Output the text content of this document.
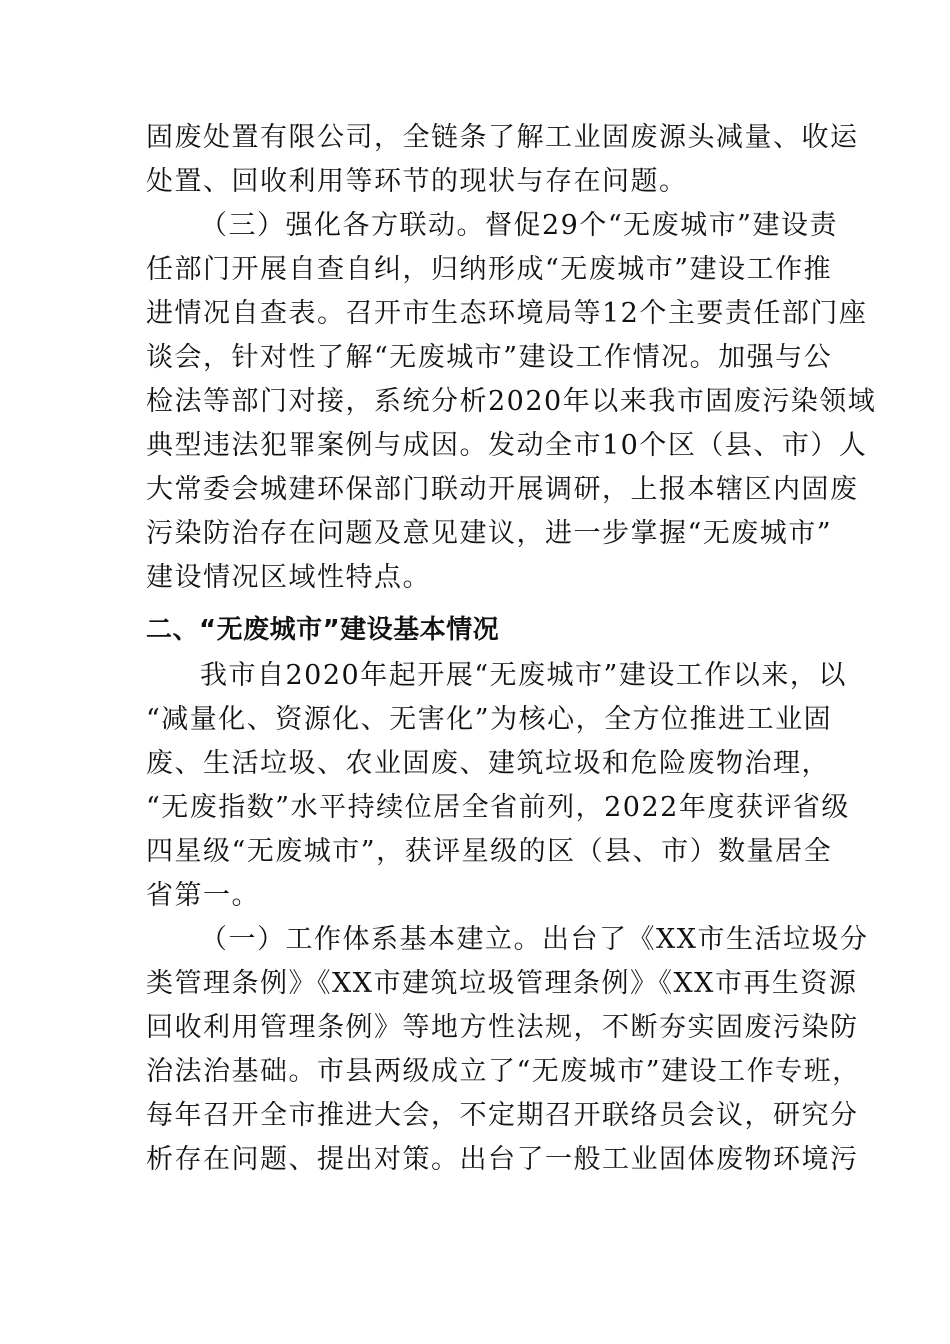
固废处置有限公司，全链条了解工业固废源头减量、收运
处置、回收利用等环节的现状与存在问题。
（三）强化各方联动。督促29个“无废城市”建设责
任部门开展自查自纠，归纳形成“无废城市”建设工作推
进情况自查表。召开市生态环境局等12个主要责任部门座
谈会，针对性了解“无废城市”建设工作情况。加强与公
检法等部门对接，系统分析2020年以来我市固废污染领域
典型违法犯罪案例与成因。发动全市10个区（县、市）人
大常委会城建环保部门联动开展调研，上报本辖区内固废
污染防治存在问题及意见建议，进一步掌握“无废城市”
建设情况区域性特点。
二、“无废城市”建设基本情况
我市自2020年起开展“无废城市”建设工作以来，以
“减量化、资源化、无害化”为核心，全方位推进工业固
废、生活垃圾、农业固废、建筑垃圾和危险废物治理，
“无废指数”水平持续位居全省前列，2022年度获评省级
四星级“无废城市”，获评星级的区（县、市）数量居全
省第一。
（一）工作体系基本建立。出台了《XX市生活垃圾分
类管理条例》《XX市建筑垃圾管理条例》《XX市再生资源
回收利用管理条例》等地方性法规，不断夯实固废污染防
治法治基础。市县两级成立了“无废城市”建设工作专班，
每年召开全市推进大会，不定期召开联络员会议，研究分
析存在问题、提出对策。出台了一般工业固体废物环境污
